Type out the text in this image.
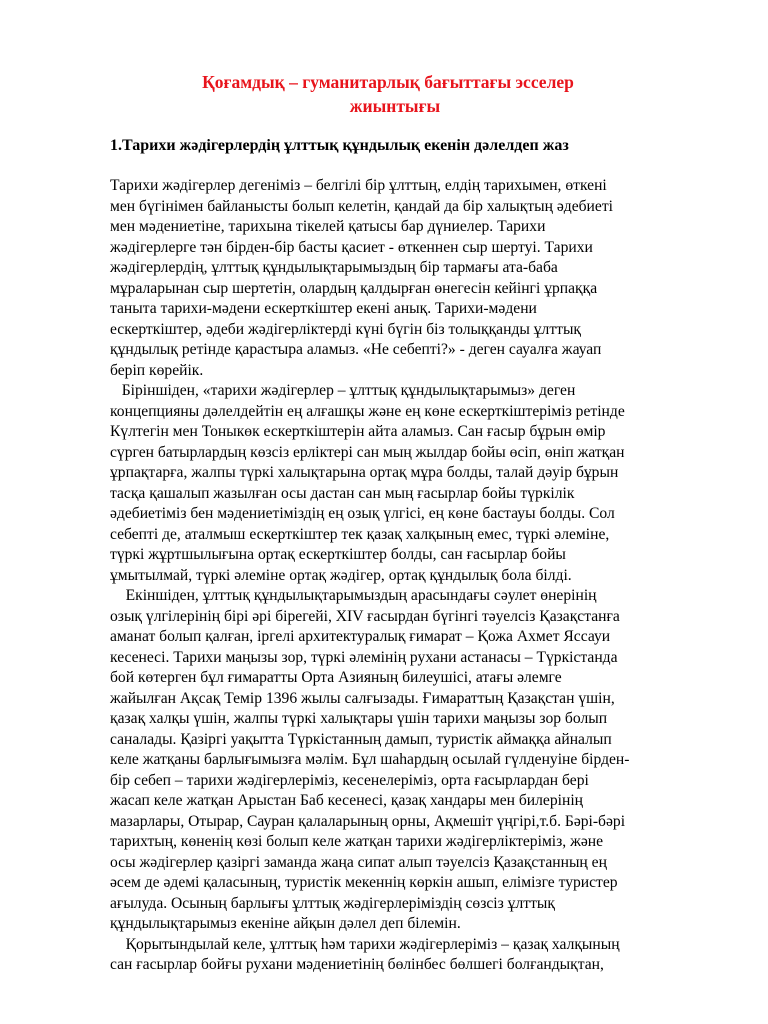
Қоғамдық – гуманитарлық бағыттағы эсселер
жиынтығы
1.Тарихи жәдігерлердің ұлттық құндылық екенін дәлелдеп жаз
Тарихи жәдігерлер дегеніміз – белгілі бір ұлттың, елдің тарихымен, өткені
мен бүгінімен байланысты болып келетін, қандай да бір халықтың әдебиеті
мен мәдениетіне, тарихына тікелей қатысы бар дүниелер. Тарихи
жәдігерлерге тән бірден-бір басты қасиет - өткеннен сыр шертуі. Тарихи
жәдігерлердің, ұлттық құндылықтарымыздың бір тармағы ата-баба
мұраларынан сыр шертетін, олардың қалдырған өнегесін кейінгі ұрпаққа
таныта тарихи-мәдени ескерткіштер екені анық. Тарихи-мәдени
ескерткіштер, әдеби жәдігерліктерді күні бүгін біз толыққанды ұлттық
құндылық ретінде қарастыра аламыз. «Не себепті?» - деген сауалға жауап
беріп көрейік.
Біріншіден, «тарихи жәдігерлер – ұлттық құндылықтарымыз» деген
концепцияны дәлелдейтін ең алғашқы және ең көне ескерткіштеріміз ретінде
Күлтегін мен Тоныкөк ескерткіштерін айта аламыз. Сан ғасыр бұрын өмір
сүрген батырлардың көзсіз ерліктері сан мың жылдар бойы өсіп, өніп жатқан
ұрпақтарға, жалпы түркі халықтарына ортақ мұра болды, талай дәуір бұрын
тасқа қашалып жазылған осы дастан сан мың ғасырлар бойы түркілік
әдебиетіміз бен мәдениетіміздің ең озық үлгісі, ең көне бастауы болды. Сол
себепті де, аталмыш ескерткіштер тек қазақ халқының емес, түркі әлеміне,
түркі жұртшылығына ортақ ескерткіштер болды, сан ғасырлар бойы
ұмытылмай, түркі әлеміне ортақ жәдігер, ортақ құндылық бола білді.
Екіншіден, ұлттық құндылықтарымыздың арасындағы сәулет өнерінің
озық үлгілерінің бірі әрі бірегейі, XIV ғасырдан бүгінгі тәуелсіз Қазақстанға
аманат болып қалған, іргелі архитектуралық ғимарат – Қожа Ахмет Яссауи
кесенесі. Тарихи маңызы зор, түркі әлемінің рухани астанасы – Түркістанда
бой көтерген бұл ғимаратты Орта Азияның билеушісі, атағы әлемге
жайылған Ақсақ Темір 1396 жылы салғызады. Ғимараттың Қазақстан үшін,
қазақ халқы үшін, жалпы түркі халықтары үшін тарихи маңызы зор болып
саналады. Қазіргі уақытта Түркістанның дамып, туристік аймаққа айналып
келе жатқаны барлығымызға мәлім. Бұл шаһардың осылай гүлденуіне бірден-
бір себеп – тарихи жәдігерлеріміз, кесенелеріміз, орта ғасырлардан бері
жасап келе жатқан Арыстан Баб кесенесі, қазақ хандары мен билерінің
мазарлары, Отырар, Сауран қалаларының орны, Ақмешіт үңгірі,т.б. Бәрі-бәрі
тарихтың, көненің көзі болып келе жатқан тарихи жәдігерліктеріміз, және
осы жәдігерлер қазіргі заманда жаңа сипат алып тәуелсіз Қазақстанның ең
әсем де әдемі қаласының, туристік мекеннің көркін ашып, елімізге туристер
ағылуда. Осының барлығы ұлттық жәдігерлеріміздің сөзсіз ұлттық
құндылықтарымыз екеніне айқын дәлел деп білемін.
Қорытындылай келе, ұлттық һәм тарихи жәдігерлеріміз – қазақ халқының
сан ғасырлар бойғы рухани мәдениетінің бөлінбес бөлшегі болғандықтан,
